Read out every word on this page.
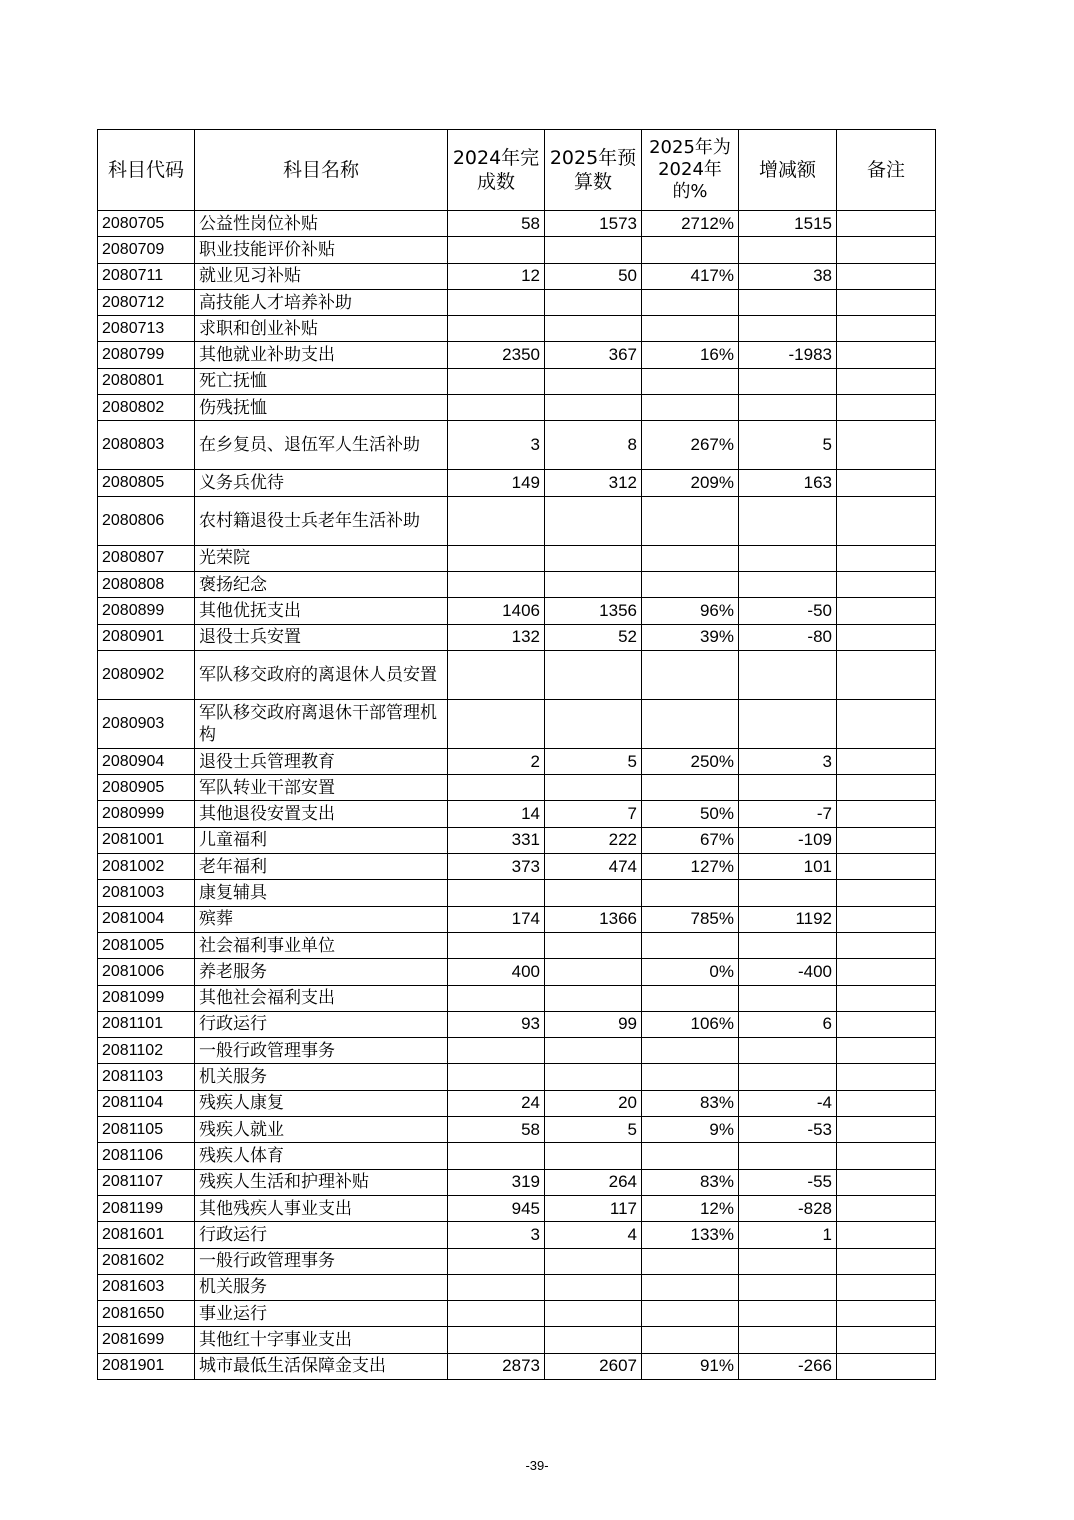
科目代码	科目名称	2024年完成数	2025年预算数	2025年为2024年的%	增减额	备注
2080705	公益性岗位补贴	58	1573	2712%	1515	
2080709	职业技能评价补贴					
2080711	就业见习补贴	12	50	417%	38	
2080712	高技能人才培养补助					
2080713	求职和创业补贴					
2080799	其他就业补助支出	2350	367	16%	-1983	
2080801	死亡抚恤					
2080802	伤残抚恤					
2080803	在乡复员、退伍军人生活补助	3	8	267%	5	
2080805	义务兵优待	149	312	209%	163	
2080806	农村籍退役士兵老年生活补助					
2080807	光荣院					
2080808	褒扬纪念					
2080899	其他优抚支出	1406	1356	96%	-50	
2080901	退役士兵安置	132	52	39%	-80	
2080902	军队移交政府的离退休人员安置					
2080903	军队移交政府离退休干部管理机构					
2080904	退役士兵管理教育	2	5	250%	3	
2080905	军队转业干部安置					
2080999	其他退役安置支出	14	7	50%	-7	
2081001	儿童福利	331	222	67%	-109	
2081002	老年福利	373	474	127%	101	
2081003	康复辅具					
2081004	殡葬	174	1366	785%	1192	
2081005	社会福利事业单位					
2081006	养老服务	400		0%	-400	
2081099	其他社会福利支出					
2081101	行政运行	93	99	106%	6	
2081102	一般行政管理事务					
2081103	机关服务					
2081104	残疾人康复	24	20	83%	-4	
2081105	残疾人就业	58	5	9%	-53	
2081106	残疾人体育					
2081107	残疾人生活和护理补贴	319	264	83%	-55	
2081199	其他残疾人事业支出	945	117	12%	-828	
2081601	行政运行	3	4	133%	1	
2081602	一般行政管理事务					
2081603	机关服务					
2081650	事业运行					
2081699	其他红十字事业支出					
2081901	城市最低生活保障金支出	2873	2607	91%	-266	
-39-
